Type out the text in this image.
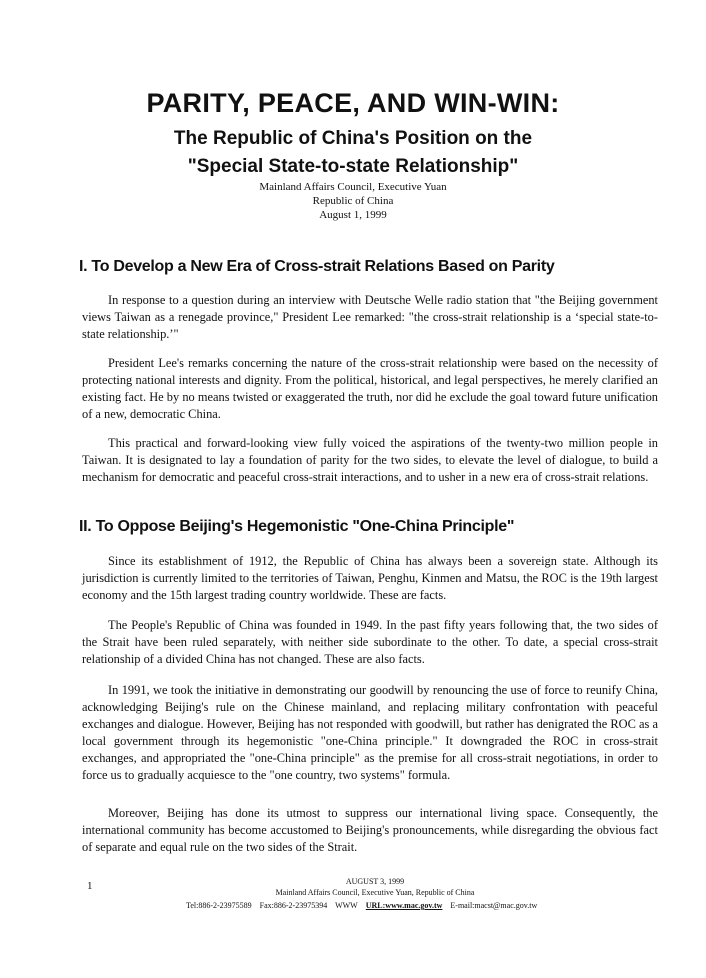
PARITY, PEACE, AND WIN-WIN:
The Republic of China's Position on the
"Special State-to-state Relationship"
Mainland Affairs Council, Executive Yuan
Republic of China
August 1, 1999
I. To Develop a New Era of Cross-strait Relations Based on Parity

In response to a question during an interview with Deutsche Welle radio station that "the Beijing government views Taiwan as a renegade province," President Lee remarked: "the cross-strait relationship is a ‘special state-to-state relationship.’"

President Lee's remarks concerning the nature of the cross-strait relationship were based on the necessity of protecting national interests and dignity. From the political, historical, and legal perspectives, he merely clarified an existing fact. He by no means twisted or exaggerated the truth, nor did he exclude the goal toward future unification of a new, democratic China.

This practical and forward-looking view fully voiced the aspirations of the twenty-two million people in Taiwan. It is designated to lay a foundation of parity for the two sides, to elevate the level of dialogue, to build a mechanism for democratic and peaceful cross-strait interactions, and to usher in a new era of cross-strait relations.

II. To Oppose Beijing's Hegemonistic "One-China Principle"

Since its establishment of 1912, the Republic of China has always been a sovereign state. Although its jurisdiction is currently limited to the territories of Taiwan, Penghu, Kinmen and Matsu, the ROC is the 19th largest economy and the 15th largest trading country worldwide. These are facts.

The People's Republic of China was founded in 1949. In the past fifty years following that, the two sides of the Strait have been ruled separately, with neither side subordinate to the other. To date, a special cross-strait relationship of a divided China has not changed. These are also facts.

In 1991, we took the initiative in demonstrating our goodwill by renouncing the use of force to reunify China, acknowledging Beijing's rule on the Chinese mainland, and replacing military confrontation with peaceful exchanges and dialogue. However, Beijing has not responded with goodwill, but rather has denigrated the ROC as a local government through its hegemonistic "one-China principle." It downgraded the ROC in cross-strait exchanges, and appropriated the "one-China principle" as the premise for all cross-strait negotiations, in order to force us to gradually acquiesce to the "one country, two systems" formula.

Moreover, Beijing has done its utmost to suppress our international living space. Consequently, the international community has become accustomed to Beijing's pronouncements, while disregarding the obvious fact of separate and equal rule on the two sides of the Strait.

1	AUGUST 3, 1999
Mainland Affairs Council, Executive Yuan, Republic of China
Tel:886-2-23975589 Fax:886-2-23975394 WWW URL:www.mac.gov.tw E-mail:macst@mac.gov.tw
